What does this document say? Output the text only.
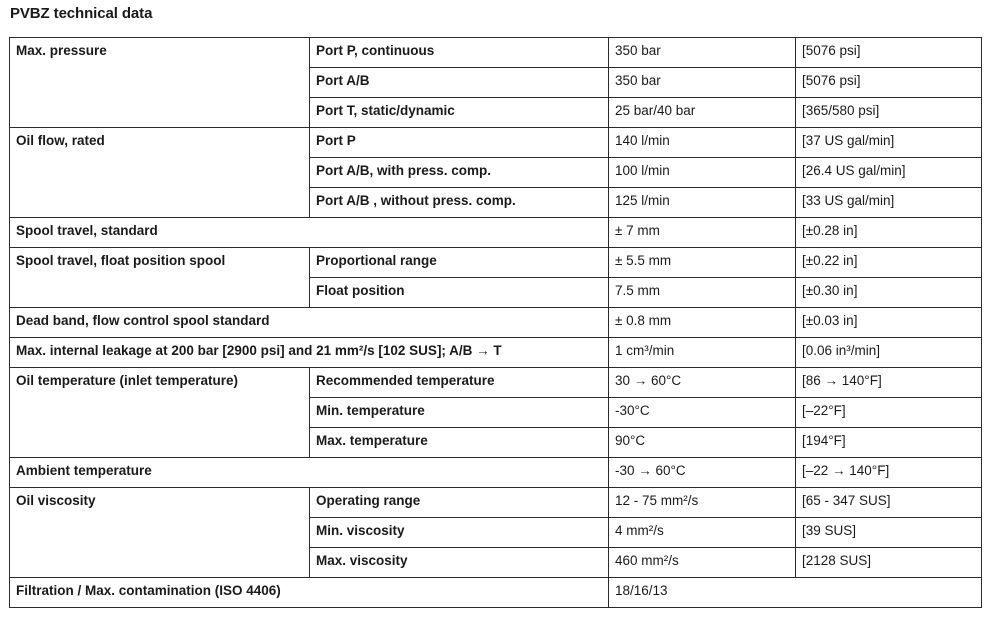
PVBZ technical data
Max. pressure	Port P, continuous	350 bar	[5076 psi]
	Port A/B	350 bar	[5076 psi]
	Port T, static/dynamic	25 bar/40 bar	[365/580 psi]
Oil flow, rated	Port P	140 l/min	[37 US gal/min]
	Port A/B, with press. comp.	100 l/min	[26.4 US gal/min]
	Port A/B , without press. comp.	125 l/min	[33 US gal/min]
Spool travel, standard		± 7 mm	[±0.28 in]
Spool travel, float position spool	Proportional range	± 5.5 mm	[±0.22 in]
	Float position	7.5 mm	[±0.30 in]
Dead band, flow control spool standard		± 0.8 mm	[±0.03 in]
Max. internal leakage at 200 bar [2900 psi] and 21 mm²/s [102 SUS]; A/B → T		1 cm³/min	[0.06 in³/min]
Oil temperature (inlet temperature)	Recommended temperature	30 → 60°C	[86 → 140°F]
	Min. temperature	-30°C	[–22°F]
	Max. temperature	90°C	[194°F]
Ambient temperature		-30 → 60°C	[–22 → 140°F]
Oil viscosity	Operating range	12 - 75 mm²/s	[65 - 347 SUS]
	Min. viscosity	4 mm²/s	[39 SUS]
	Max. viscosity	460 mm²/s	[2128 SUS]
Filtration / Max. contamination (ISO 4406)		18/16/13	
